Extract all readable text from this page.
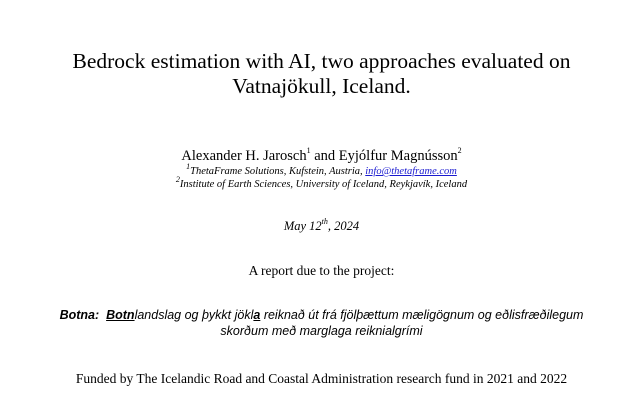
Bedrock estimation with AI, two approaches evaluated on
Vatnajökull, Iceland.
Alexander H. Jarosch$^1$ and Eyjólfur Magnússon$^2$
$^1$ThetaFrame Solutions, Kufstein, Austria, info@thetaframe.com
$^2$Institute of Earth Sciences, University of Iceland, Reykjavík, Iceland
May 12th, 2024
A report due to the project:
Botna: Botnlandslag og þykkt jökla reiknað út frá fjölþættum mæligögnum og eðlisfræðilegum
skorðum með marglaga reiknialgrími
Funded by The Icelandic Road and Coastal Administration research fund in 2021 and 2022
